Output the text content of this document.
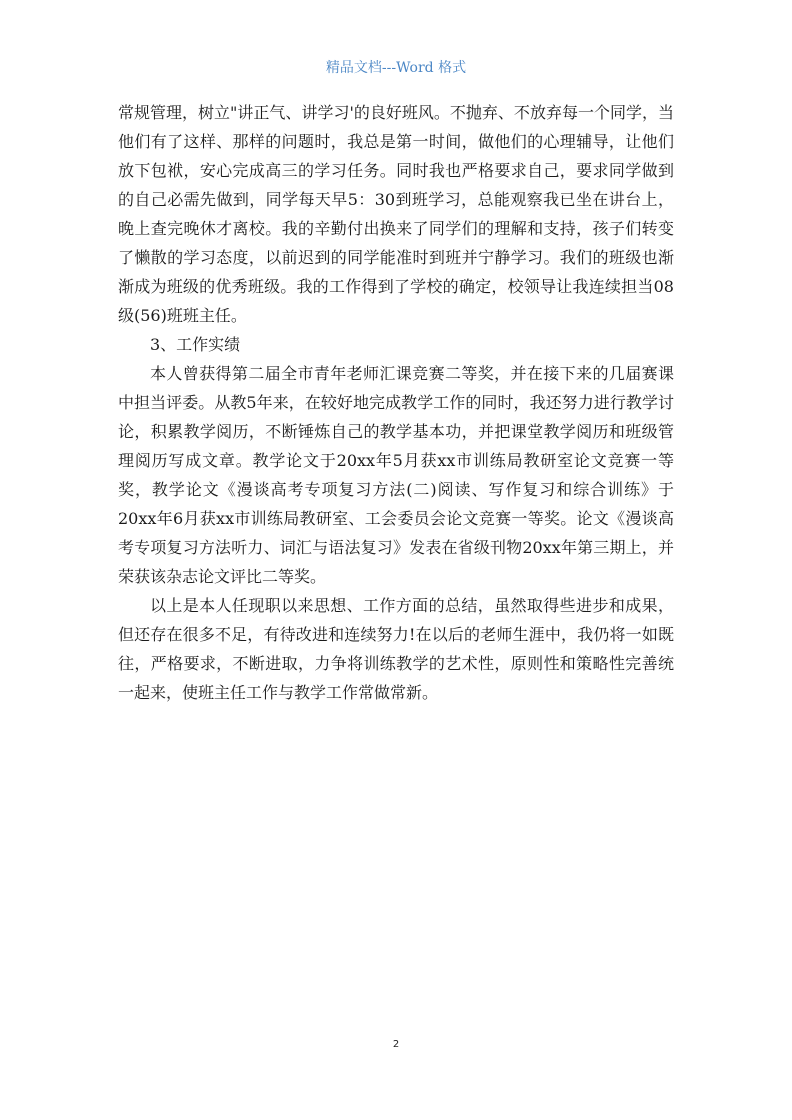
精品文档---Word 格式

常规管理，树立"讲正气、讲学习'的良好班风。不抛弃、不放弃每一个同学，当他们有了这样、那样的问题时，我总是第一时间，做他们的心理辅导，让他们放下包袱，安心完成高三的学习任务。同时我也严格要求自己，要求同学做到的自己必需先做到，同学每天早5：30到班学习，总能观察我已坐在讲台上，晚上查完晚休才离校。我的辛勤付出换来了同学们的理解和支持，孩子们转变了懒散的学习态度，以前迟到的同学能准时到班并宁静学习。我们的班级也渐渐成为班级的优秀班级。我的工作得到了学校的确定，校领导让我连续担当08级(56)班班主任。

3、工作实绩

本人曾获得第二届全市青年老师汇课竞赛二等奖，并在接下来的几届赛课中担当评委。从教5年来，在较好地完成教学工作的同时，我还努力进行教学讨论，积累教学阅历，不断锤炼自己的教学基本功，并把课堂教学阅历和班级管理阅历写成文章。教学论文于20xx年5月获xx市训练局教研室论文竞赛一等奖，教学论文《漫谈高考专项复习方法(二)阅读、写作复习和综合训练》于20xx年6月获xx市训练局教研室、工会委员会论文竞赛一等奖。论文《漫谈高考专项复习方法听力、词汇与语法复习》发表在省级刊物20xx年第三期上，并荣获该杂志论文评比二等奖。

以上是本人任现职以来思想、工作方面的总结，虽然取得些进步和成果，但还存在很多不足，有待改进和连续努力!在以后的老师生涯中，我仍将一如既往，严格要求，不断进取，力争将训练教学的艺术性，原则性和策略性完善统一起来，使班主任工作与教学工作常做常新。

2
